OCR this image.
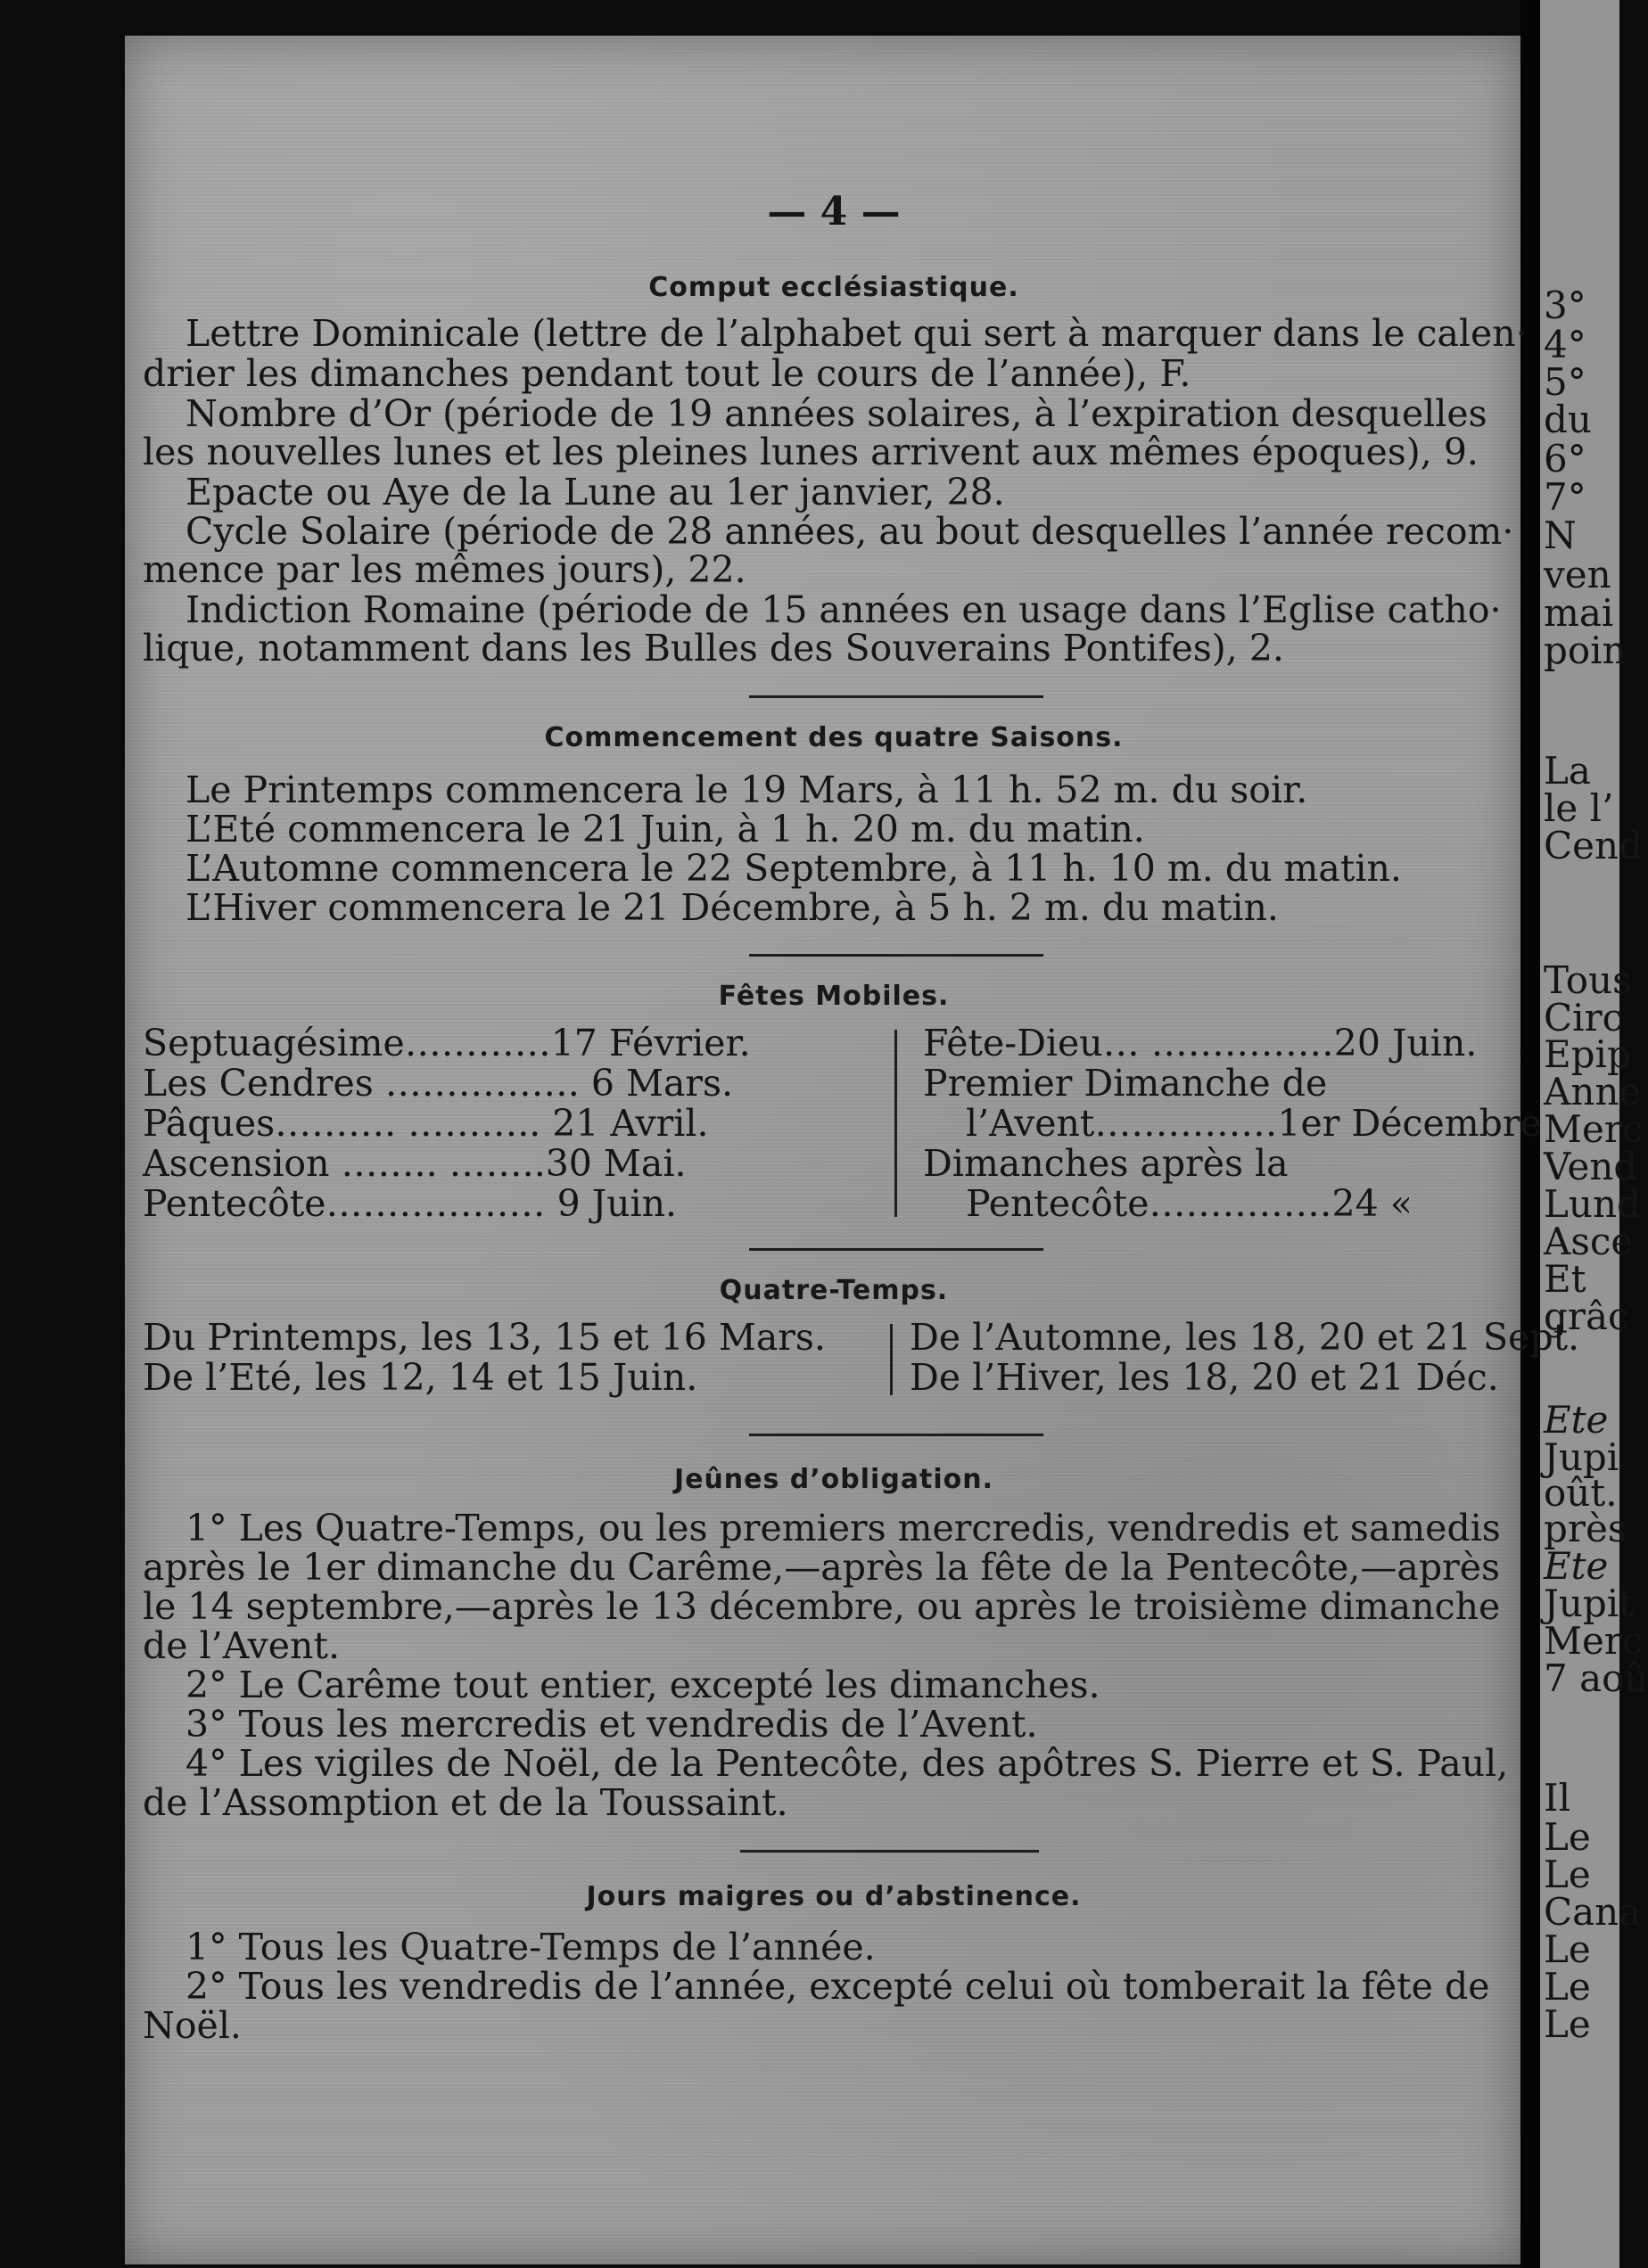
3°
4°
5°
du
6°
7°
N
ven
mai
poin
La
le l’
Cend
Tous
Circ
Epip
Anne
Merc
Vend
Lund
Asce
Et
grâc
Ete
Jupi
oût.
près
Ete
Jupit
Merc
7 aoû
Il
Le
Le
Cana
Le
Le
Le
— 4 —
Comput ecclésiastique.
Lettre Dominicale (lettre de l’alphabet qui sert à marquer dans le calen·
drier les dimanches pendant tout le cours de l’année), F.
Nombre d’Or (période de 19 années solaires, à l’expiration desquelles
les nouvelles lunes et les pleines lunes arrivent aux mêmes époques), 9.
Epacte ou Aye de la Lune au 1er janvier, 28.
Cycle Solaire (période de 28 années, au bout desquelles l’année recom·
mence par les mêmes jours), 22.
Indiction Romaine (période de 15 années en usage dans l’Eglise catho·
lique, notamment dans les Bulles des Souverains Pontifes), 2.
Commencement des quatre Saisons.
Le Printemps commencera le 19 Mars, à 11 h. 52 m. du soir.
L’Eté commencera le 21 Juin, à 1 h. 20 m. du matin.
L’Automne commencera le 22 Septembre, à 11 h. 10 m. du matin.
L’Hiver commencera le 21 Décembre, à 5 h. 2 m. du matin.
Fêtes Mobiles.
Septuagésime…………17 Février.
Les Cendres ……………. 6 Mars.
Pâques………. ……….. 21 Avril.
Ascension …….. ……..30 Mai.
Pentecôte……………… 9 Juin.
Fête-Dieu… ……………20 Juin.
Premier Dimanche de
l’Avent……………1er Décembre
Dimanches après la
Pentecôte……………24 «
Quatre-Temps.
Du Printemps, les 13, 15 et 16 Mars.
De l’Eté, les 12, 14 et 15 Juin.
De l’Automne, les 18, 20 et 21 Sept.
De l’Hiver, les 18, 20 et 21 Déc.
Jeûnes d’obligation.
1° Les Quatre-Temps, ou les premiers mercredis, vendredis et samedis
après le 1er dimanche du Carême,—après la fête de la Pentecôte,—après
le 14 septembre,—après le 13 décembre, ou après le troisième dimanche
de l’Avent.
2° Le Carême tout entier, excepté les dimanches.
3° Tous les mercredis et vendredis de l’Avent.
4° Les vigiles de Noël, de la Pentecôte, des apôtres S. Pierre et S. Paul,
de l’Assomption et de la Toussaint.
Jours maigres ou d’abstinence.
1° Tous les Quatre-Temps de l’année.
2° Tous les vendredis de l’année, excepté celui où tomberait la fête de
Noël.
